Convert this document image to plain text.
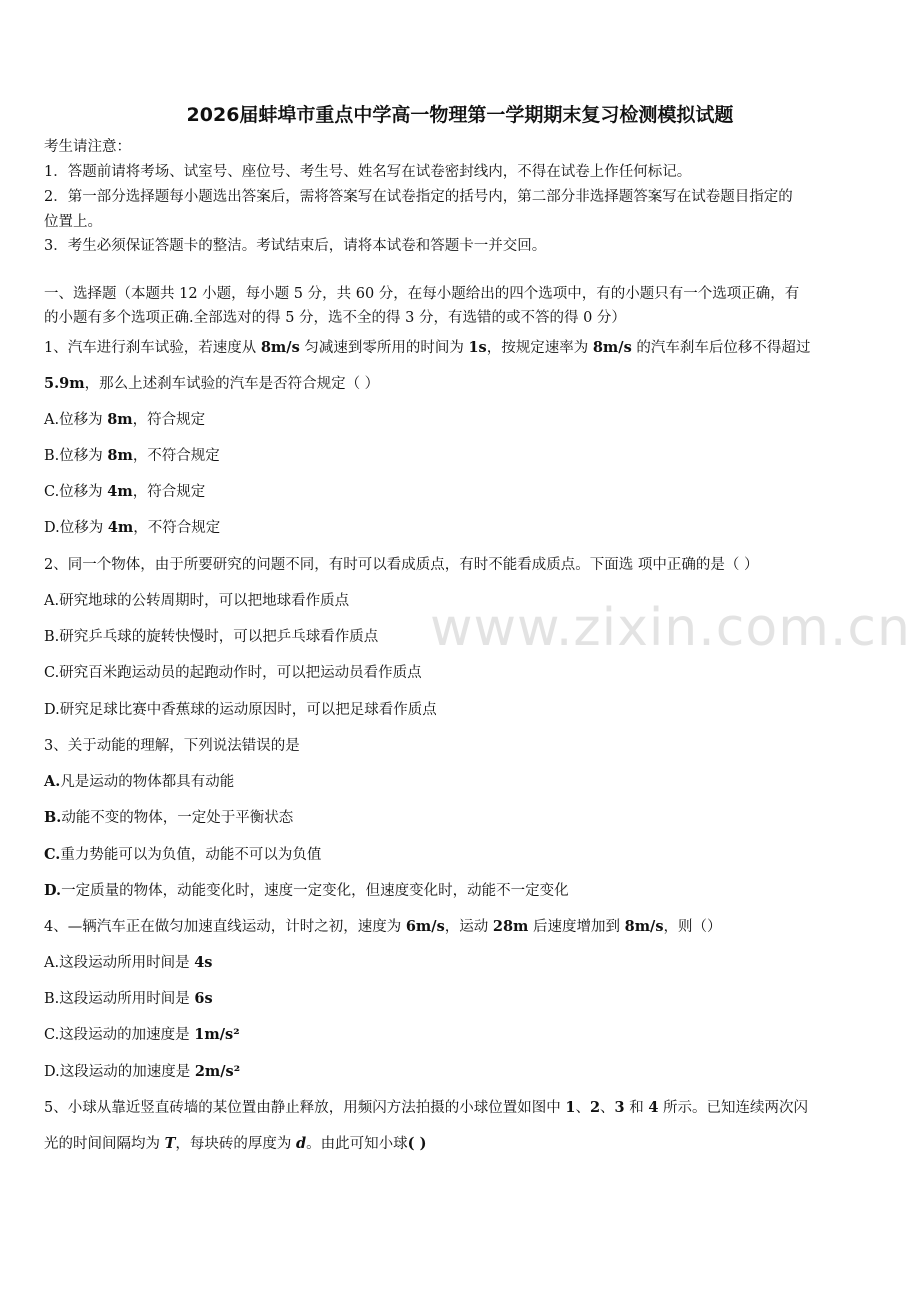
www.zixin.com.cn
2026届蚌埠市重点中学高一物理第一学期期末复习检测模拟试题
考生请注意：
1．答题前请将考场、试室号、座位号、考生号、姓名写在试卷密封线内，不得在试卷上作任何标记。
2．第一部分选择题每小题选出答案后，需将答案写在试卷指定的括号内，第二部分非选择题答案写在试卷题目指定的
位置上。
3．考生必须保证答题卡的整洁。考试结束后，请将本试卷和答题卡一并交回。
一、选择题（本题共 12 小题，每小题 5 分，共 60 分，在每小题给出的四个选项中，有的小题只有一个选项正确，有
的小题有多个选项正确.全部选对的得 5 分，选不全的得 3 分，有选错的或不答的得 0 分）
1、汽车进行刹车试验，若速度从 8m/s 匀减速到零所用的时间为 1s，按规定速率为 8m/s 的汽车刹车后位移不得超过
5.9m，那么上述刹车试验的汽车是否符合规定（ ）
A.位移为 8m，符合规定
B.位移为 8m，不符合规定
C.位移为 4m，符合规定
D.位移为 4m，不符合规定
2、同一个物体，由于所要研究的问题不同，有时可以看成质点，有时不能看成质点。下面选 项中正确的是（ ）
A.研究地球的公转周期时，可以把地球看作质点
B.研究乒乓球的旋转快慢时，可以把乒乓球看作质点
C.研究百米跑运动员的起跑动作时，可以把运动员看作质点
D.研究足球比赛中香蕉球的运动原因时，可以把足球看作质点
3、关于动能的理解，下列说法错误的是
A.凡是运动的物体都具有动能
B.动能不变的物体，一定处于平衡状态
C.重力势能可以为负值，动能不可以为负值
D.一定质量的物体，动能变化时，速度一定变化，但速度变化时，动能不一定变化
4、—辆汽车正在做匀加速直线运动，计时之初，速度为 6m/s，运动 28m 后速度增加到 8m/s，则（）
A.这段运动所用时间是 4s
B.这段运动所用时间是 6s
C.这段运动的加速度是 1m/s²
D.这段运动的加速度是 2m/s²
5、小球从靠近竖直砖墙的某位置由静止释放，用频闪方法拍摄的小球位置如图中 1、2、3 和 4 所示。已知连续两次闪
光的时间间隔均为 T，每块砖的厚度为 d。由此可知小球( )
